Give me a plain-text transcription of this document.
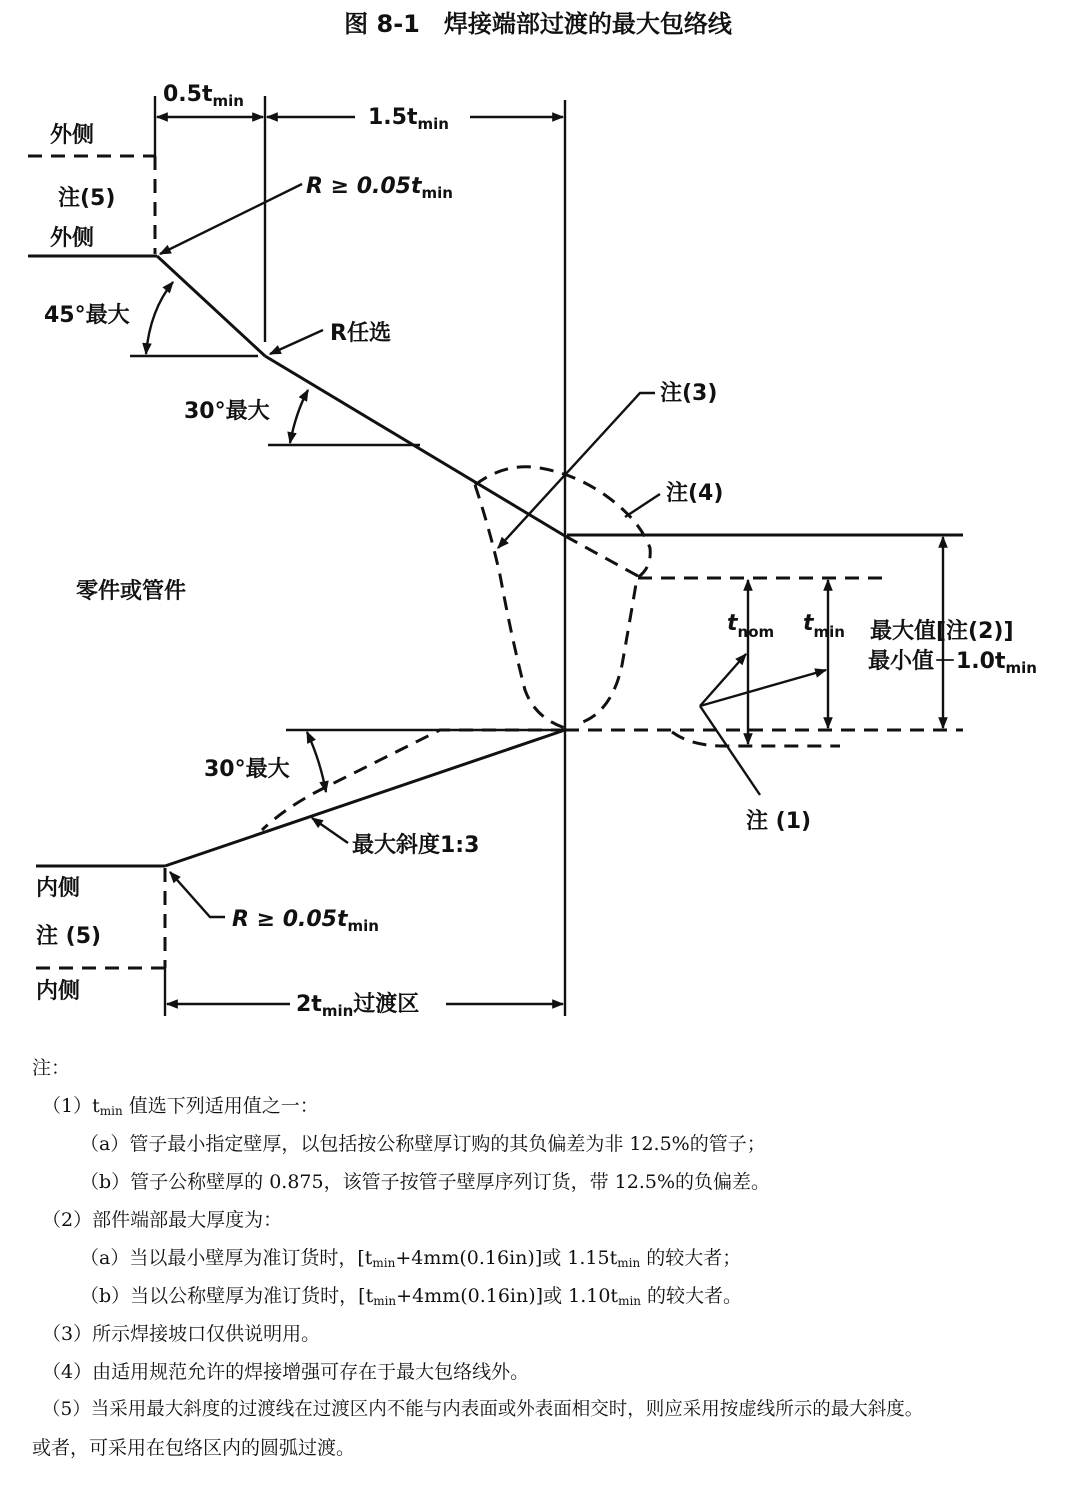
图 8-1　焊接端部过渡的最大包络线
$0.5t_{min}$
$1.5t_{min}$
外侧
注(5)
外侧
$R \ge 0.05t_{min}$
45°最大
R任选
30°最大
注(3)
注(4)
$t_{nom}$ $t_{min}$ 最大值[注(2)]
最小值$-1.0t_{min}$
注 (1)
零件或管件
30°最大
最大斜度1:3
内侧
注 (5)
内侧
$R \ge 0.05t_{min}$
$2t_{min}$过渡区
注：
$(1)t_{min}$ 值选下列适用值之一：
（a）管子最小指定壁厚，以包括按公称壁厚订购的其负偏差为非 12.5%的管子；
（b）管子公称壁厚的 0.875，该管子按管子壁厚序列订货，带 12.5%的负偏差。
（2）部件端部最大厚度为：
（a）当以最小壁厚为准订货时，$[t_{min}+4mm(0.16in)]$或 $1.15t_{min}$ 的较大者；
（b）当以公称壁厚为准订货时，$[t_{min}+4mm(0.16in)]$或 $1.10t_{min}$ 的较大者。
（3）所示焊接坡口仅供说明用。
（4）由适用规范允许的焊接增强可存在于最大包络线外。
（5）当采用最大斜度的过渡线在过渡区内不能与内表面或外表面相交时，则应采用按虚线所示的最大斜度。
或者，可采用在包络区内的圆弧过渡。
